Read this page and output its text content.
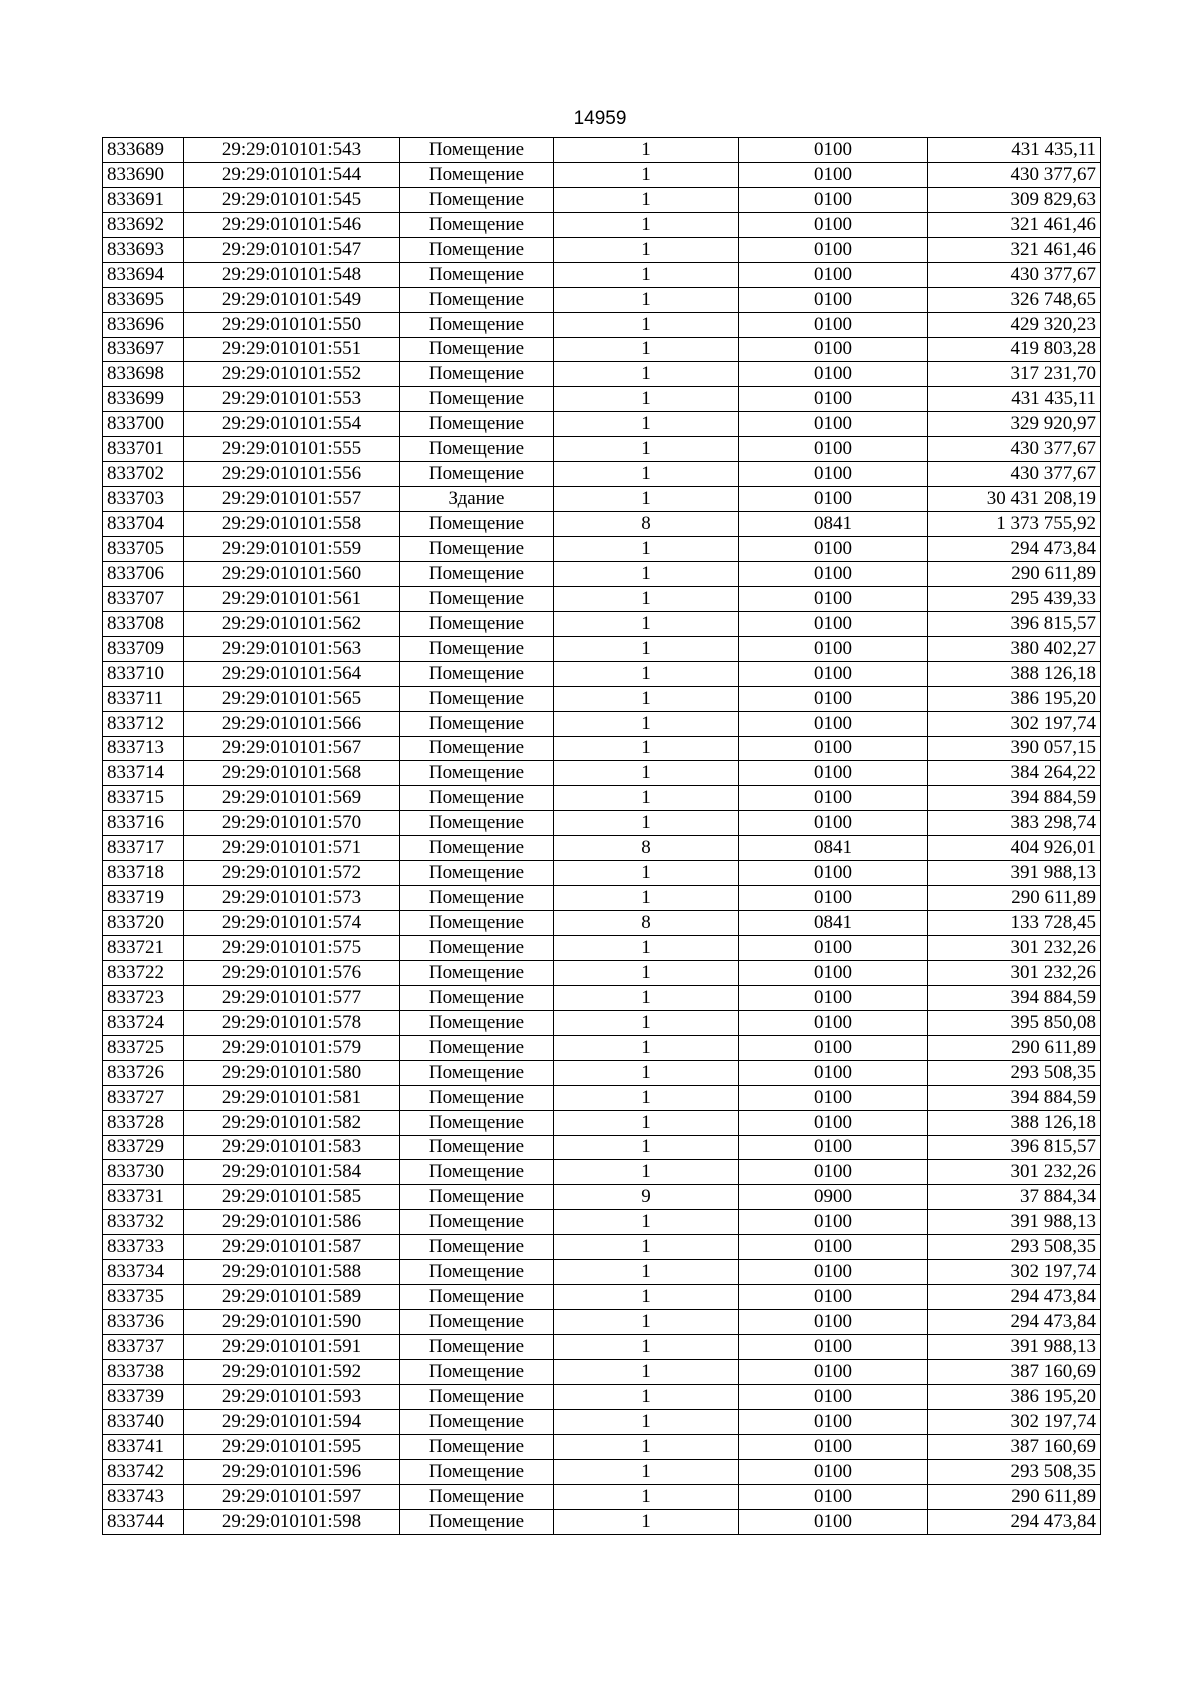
14959
833689	29:29:010101:543	Помещение	1	0100	431 435,11
833690	29:29:010101:544	Помещение	1	0100	430 377,67
833691	29:29:010101:545	Помещение	1	0100	309 829,63
833692	29:29:010101:546	Помещение	1	0100	321 461,46
833693	29:29:010101:547	Помещение	1	0100	321 461,46
833694	29:29:010101:548	Помещение	1	0100	430 377,67
833695	29:29:010101:549	Помещение	1	0100	326 748,65
833696	29:29:010101:550	Помещение	1	0100	429 320,23
833697	29:29:010101:551	Помещение	1	0100	419 803,28
833698	29:29:010101:552	Помещение	1	0100	317 231,70
833699	29:29:010101:553	Помещение	1	0100	431 435,11
833700	29:29:010101:554	Помещение	1	0100	329 920,97
833701	29:29:010101:555	Помещение	1	0100	430 377,67
833702	29:29:010101:556	Помещение	1	0100	430 377,67
833703	29:29:010101:557	Здание	1	0100	30 431 208,19
833704	29:29:010101:558	Помещение	8	0841	1 373 755,92
833705	29:29:010101:559	Помещение	1	0100	294 473,84
833706	29:29:010101:560	Помещение	1	0100	290 611,89
833707	29:29:010101:561	Помещение	1	0100	295 439,33
833708	29:29:010101:562	Помещение	1	0100	396 815,57
833709	29:29:010101:563	Помещение	1	0100	380 402,27
833710	29:29:010101:564	Помещение	1	0100	388 126,18
833711	29:29:010101:565	Помещение	1	0100	386 195,20
833712	29:29:010101:566	Помещение	1	0100	302 197,74
833713	29:29:010101:567	Помещение	1	0100	390 057,15
833714	29:29:010101:568	Помещение	1	0100	384 264,22
833715	29:29:010101:569	Помещение	1	0100	394 884,59
833716	29:29:010101:570	Помещение	1	0100	383 298,74
833717	29:29:010101:571	Помещение	8	0841	404 926,01
833718	29:29:010101:572	Помещение	1	0100	391 988,13
833719	29:29:010101:573	Помещение	1	0100	290 611,89
833720	29:29:010101:574	Помещение	8	0841	133 728,45
833721	29:29:010101:575	Помещение	1	0100	301 232,26
833722	29:29:010101:576	Помещение	1	0100	301 232,26
833723	29:29:010101:577	Помещение	1	0100	394 884,59
833724	29:29:010101:578	Помещение	1	0100	395 850,08
833725	29:29:010101:579	Помещение	1	0100	290 611,89
833726	29:29:010101:580	Помещение	1	0100	293 508,35
833727	29:29:010101:581	Помещение	1	0100	394 884,59
833728	29:29:010101:582	Помещение	1	0100	388 126,18
833729	29:29:010101:583	Помещение	1	0100	396 815,57
833730	29:29:010101:584	Помещение	1	0100	301 232,26
833731	29:29:010101:585	Помещение	9	0900	37 884,34
833732	29:29:010101:586	Помещение	1	0100	391 988,13
833733	29:29:010101:587	Помещение	1	0100	293 508,35
833734	29:29:010101:588	Помещение	1	0100	302 197,74
833735	29:29:010101:589	Помещение	1	0100	294 473,84
833736	29:29:010101:590	Помещение	1	0100	294 473,84
833737	29:29:010101:591	Помещение	1	0100	391 988,13
833738	29:29:010101:592	Помещение	1	0100	387 160,69
833739	29:29:010101:593	Помещение	1	0100	386 195,20
833740	29:29:010101:594	Помещение	1	0100	302 197,74
833741	29:29:010101:595	Помещение	1	0100	387 160,69
833742	29:29:010101:596	Помещение	1	0100	293 508,35
833743	29:29:010101:597	Помещение	1	0100	290 611,89
833744	29:29:010101:598	Помещение	1	0100	294 473,84
